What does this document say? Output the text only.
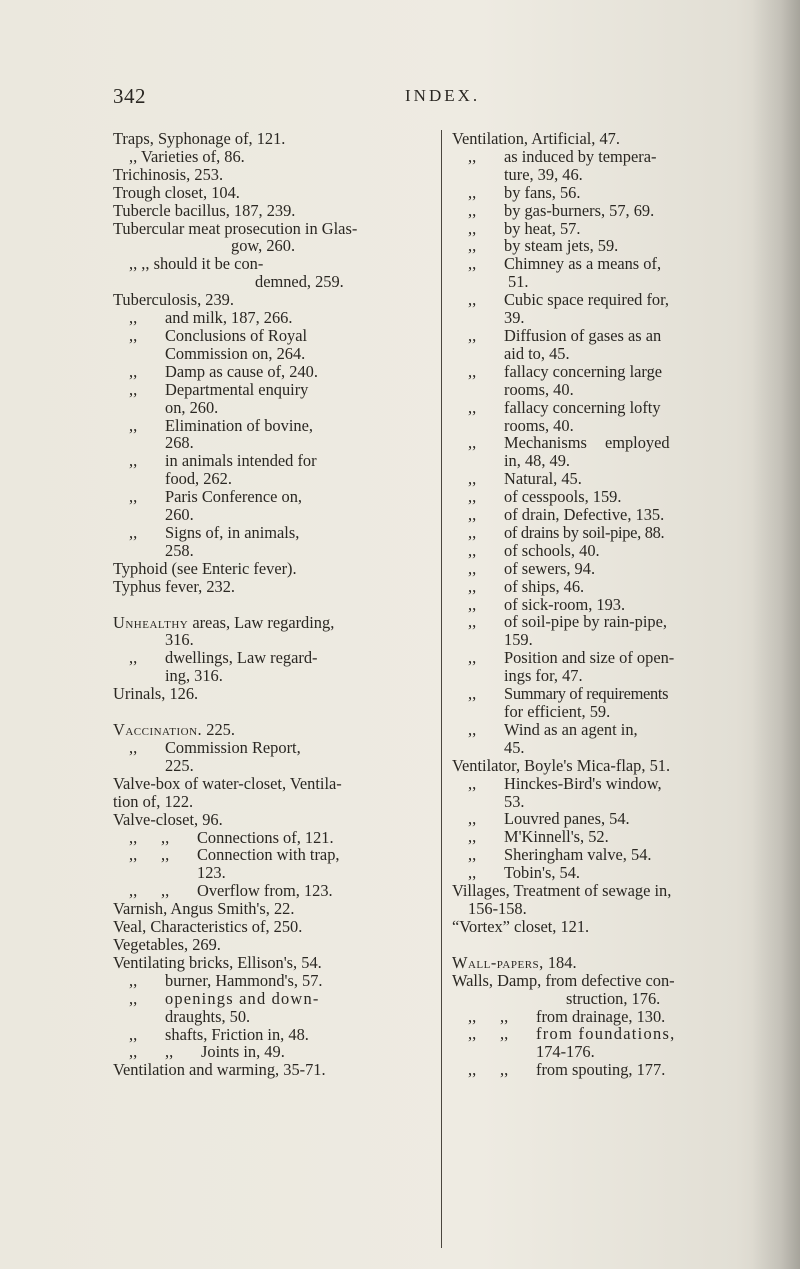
342	INDEX.
Traps, Syphonage of, 121.
,, Varieties of, 86.
Trichinosis, 253.
Trough closet, 104.
Tubercle bacillus, 187, 239.
Tubercular meat prosecution in Glas-
gow, 260.
,, ,, should it be con-
demned, 259.
Tuberculosis, 239.
,, and milk, 187, 266.
,, Conclusions of Royal
Commission on, 264.
,, Damp as cause of, 240.
,, Departmental enquiry
on, 260.
,, Elimination of bovine,
268.
,, in animals intended for
food, 262.
,, Paris Conference on,
260.
,, Signs of, in animals,
258.
Typhoid (see Enteric fever).
Typhus fever, 232.
Unhealthy areas, Law regarding,
316.
,, dwellings, Law regard-
ing, 316.
Urinals, 126.
Vaccination. 225.
,, Commission Report,
225.
Valve-box of water-closet, Ventila-
tion of, 122.
Valve-closet, 96.
,, ,, Connections of, 121.
,, ,, Connection with trap,
123.
,, ,, Overflow from, 123.
Varnish, Angus Smith's, 22.
Veal, Characteristics of, 250.
Vegetables, 269.
Ventilating bricks, Ellison's, 54.
,, burner, Hammond's, 57.
,, openings and down-
draughts, 50.
,, shafts, Friction in, 48.
,, ,, Joints in, 49.
Ventilation and warming, 35-71.
Ventilation, Artificial, 47.
,, as induced by tempera-
ture, 39, 46.
,, by fans, 56.
,, by gas-burners, 57, 69.
,, by heat, 57.
,, by steam jets, 59.
,, Chimney as a means of,
51.
,, Cubic space required for,
39.
,, Diffusion of gases as an
aid to, 45.
,, fallacy concerning large
rooms, 40.
,, fallacy concerning lofty
rooms, 40.
,, Mechanisms employed
in, 48, 49.
,, Natural, 45.
,, of cesspools, 159.
,, of drain, Defective, 135.
,, of drains by soil-pipe, 88.
,, of schools, 40.
,, of sewers, 94.
,, of ships, 46.
,, of sick-room, 193.
,, of soil-pipe by rain-pipe,
159.
,, Position and size of open-
ings for, 47.
,, Summary of requirements
for efficient, 59.
,, Wind as an agent in,
45.
Ventilator, Boyle's Mica-flap, 51.
,, Hinckes-Bird's window,
53.
,, Louvred panes, 54.
,, M'Kinnell's, 52.
,, Sheringham valve, 54.
,, Tobin's, 54.
Villages, Treatment of sewage in,
156-158.
“Vortex” closet, 121.
Wall-papers, 184.
Walls, Damp, from defective con-
struction, 176.
,, ,, from drainage, 130.
,, ,, from foundations,
174-176.
,, ,, from spouting, 177.
